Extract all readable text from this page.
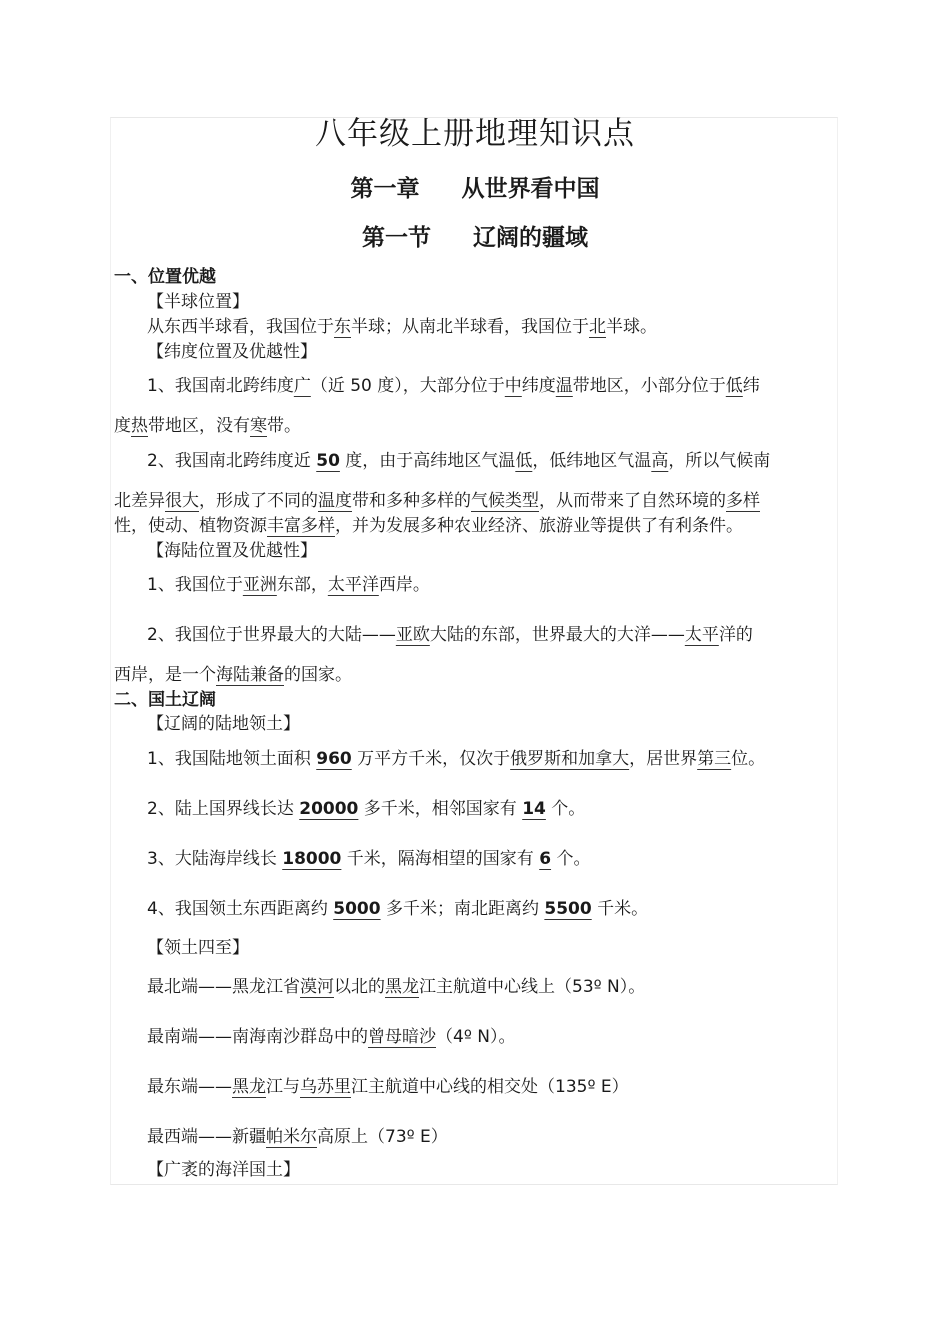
八年级上册地理知识点
第一章 从世界看中国
第一节 辽阔的疆域
一、位置优越
【半球位置】
从东西半球看，我国位于东半球；从南北半球看，我国位于北半球。
【纬度位置及优越性】
1、我国南北跨纬度广（近 50 度），大部分位于中纬度温带地区，小部分位于低纬
度热带地区，没有寒带。
2、我国南北跨纬度近 50 度，由于高纬地区气温低，低纬地区气温高，所以气候南
北差异很大，形成了不同的温度带和多种多样的气候类型，从而带来了自然环境的多样
性，使动、植物资源丰富多样，并为发展多种农业经济、旅游业等提供了有利条件。
【海陆位置及优越性】
1、我国位于亚洲东部，太平洋西岸。
2、我国位于世界最大的大陆——亚欧大陆的东部，世界最大的大洋——太平洋的
西岸，是一个海陆兼备的国家。
二、国土辽阔
【辽阔的陆地领土】
1、我国陆地领土面积 960 万平方千米，仅次于俄罗斯和加拿大，居世界第三位。
2、陆上国界线长达 20000 多千米，相邻国家有 14 个。
3、大陆海岸线长 18000 千米，隔海相望的国家有 6 个。
4、我国领土东西距离约 5000 多千米；南北距离约 5500 千米。
【领土四至】
最北端——黑龙江省漠河以北的黑龙江主航道中心线上（53º N）。
最南端——南海南沙群岛中的曾母暗沙（4º N）。
最东端——黑龙江与乌苏里江主航道中心线的相交处（135º E）
最西端——新疆帕米尔高原上（73º E）
【广袤的海洋国土】
